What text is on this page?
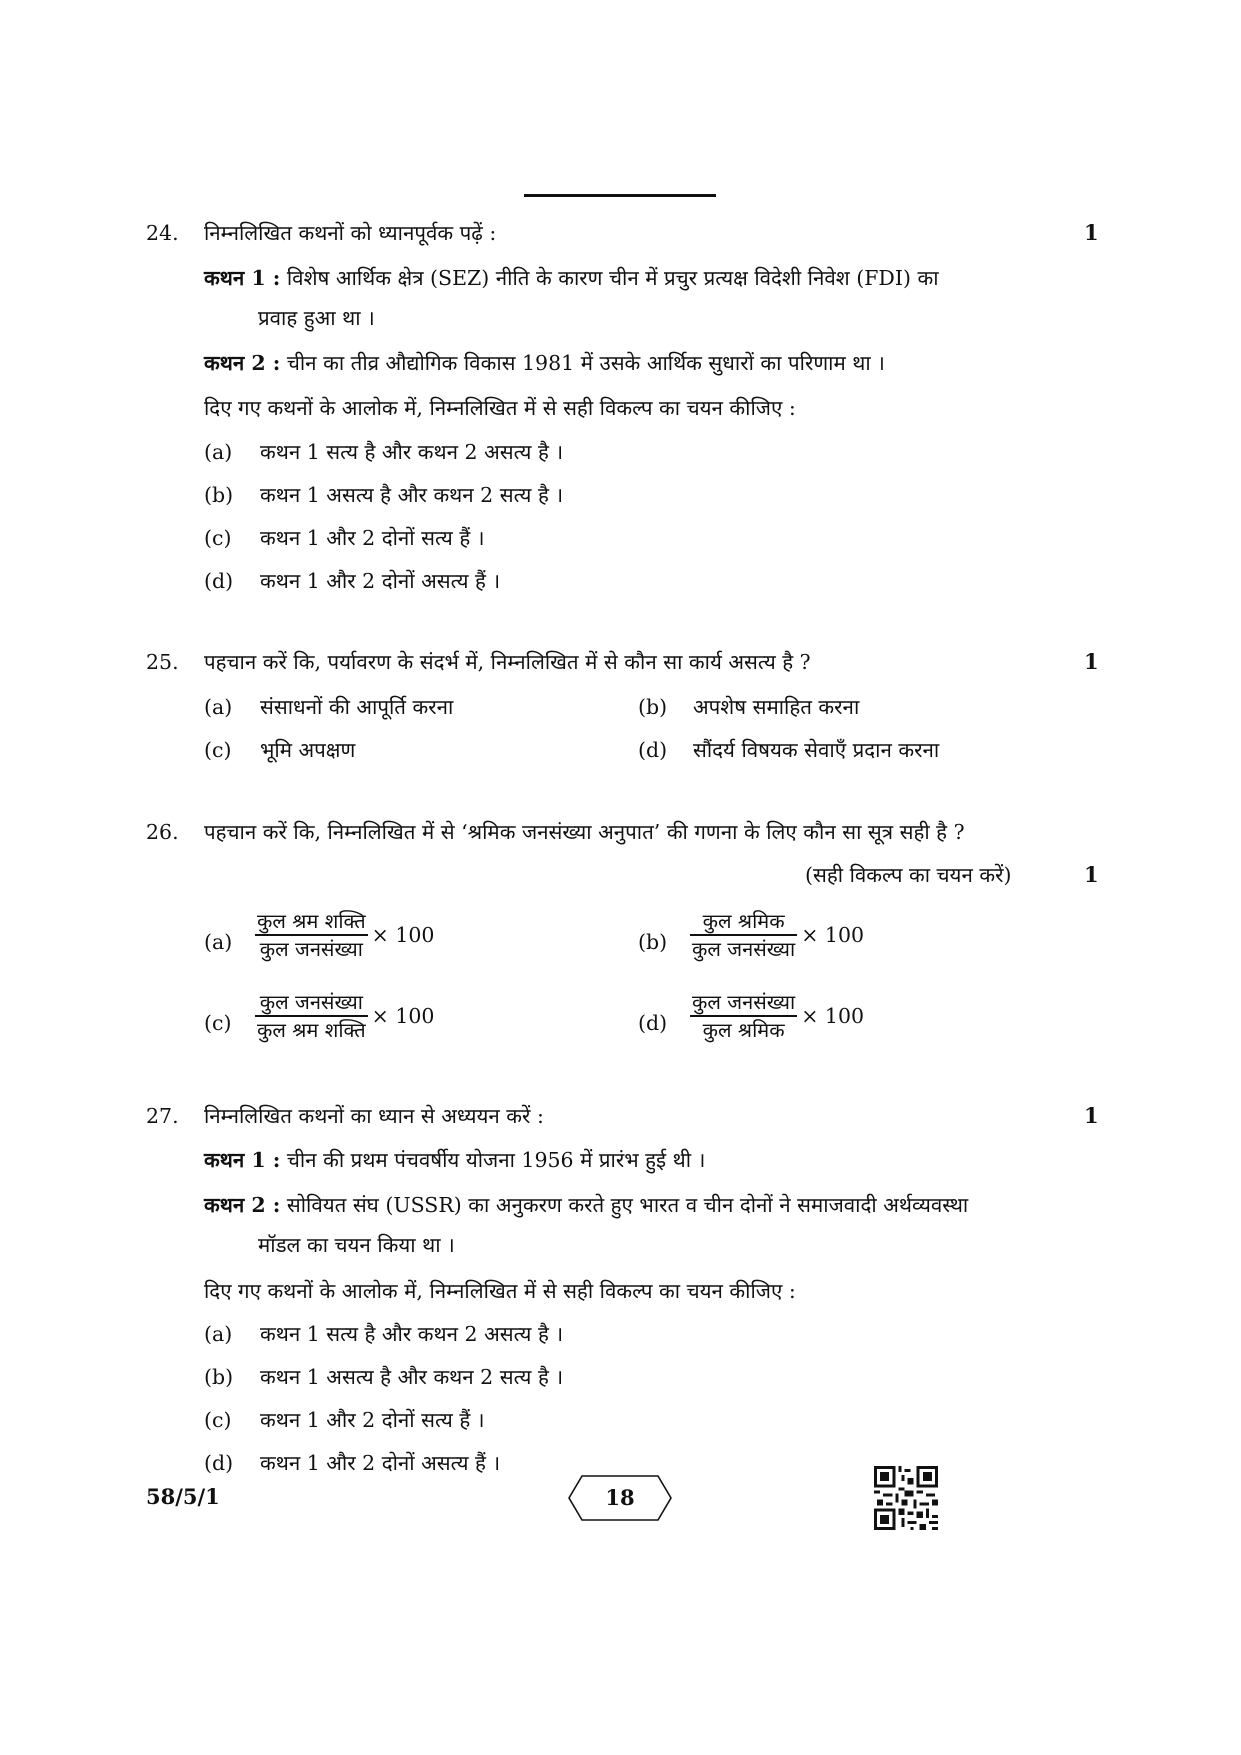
24. निम्नलिखित कथनों को ध्यानपूर्वक पढ़ें :	1
कथन 1 : विशेष आर्थिक क्षेत्र (SEZ) नीति के कारण चीन में प्रचुर प्रत्यक्ष विदेशी निवेश (FDI) का
प्रवाह हुआ था ।
कथन 2 : चीन का तीव्र औद्योगिक विकास 1981 में उसके आर्थिक सुधारों का परिणाम था ।
दिए गए कथनों के आलोक में, निम्नलिखित में से सही विकल्प का चयन कीजिए :
(a) कथन 1 सत्य है और कथन 2 असत्य है ।
(b) कथन 1 असत्य है और कथन 2 सत्य है ।
(c) कथन 1 और 2 दोनों सत्य हैं ।
(d) कथन 1 और 2 दोनों असत्य हैं ।
25. पहचान करें कि, पर्यावरण के संदर्भ में, निम्नलिखित में से कौन सा कार्य असत्य है ?	1
(a) संसाधनों की आपूर्ति करना	(b) अपशेष समाहित करना
(c) भूमि अपक्षण	(d) सौंदर्य विषयक सेवाएँ प्रदान करना
26. पहचान करें कि, निम्नलिखित में से ‘श्रमिक जनसंख्या अनुपात’ की गणना के लिए कौन सा सूत्र सही है ?
(सही विकल्प का चयन करें)	1
$(a) \frac{\text{कुल श्रम शक्ति}}{\text{कुल जनसंख्या}} \times 100$	$(b) \frac{\text{कुल श्रमिक}}{\text{कुल जनसंख्या}} \times 100$
$(c) \frac{\text{कुल जनसंख्या}}{\text{कुल श्रम शक्ति}} \times 100$	$(d) \frac{\text{कुल जनसंख्या}}{\text{कुल श्रमिक}} \times 100$
27. निम्नलिखित कथनों का ध्यान से अध्ययन करें :	1
कथन 1 : चीन की प्रथम पंचवर्षीय योजना 1956 में प्रारंभ हुई थी ।
कथन 2 : सोवियत संघ (USSR) का अनुकरण करते हुए भारत व चीन दोनों ने समाजवादी अर्थव्यवस्था
मॉडल का चयन किया था ।
दिए गए कथनों के आलोक में, निम्नलिखित में से सही विकल्प का चयन कीजिए :
(a) कथन 1 सत्य है और कथन 2 असत्य है ।
(b) कथन 1 असत्य है और कथन 2 सत्य है ।
(c) कथन 1 और 2 दोनों सत्य हैं ।
(d) कथन 1 और 2 दोनों असत्य हैं ।
58/5/1	18
